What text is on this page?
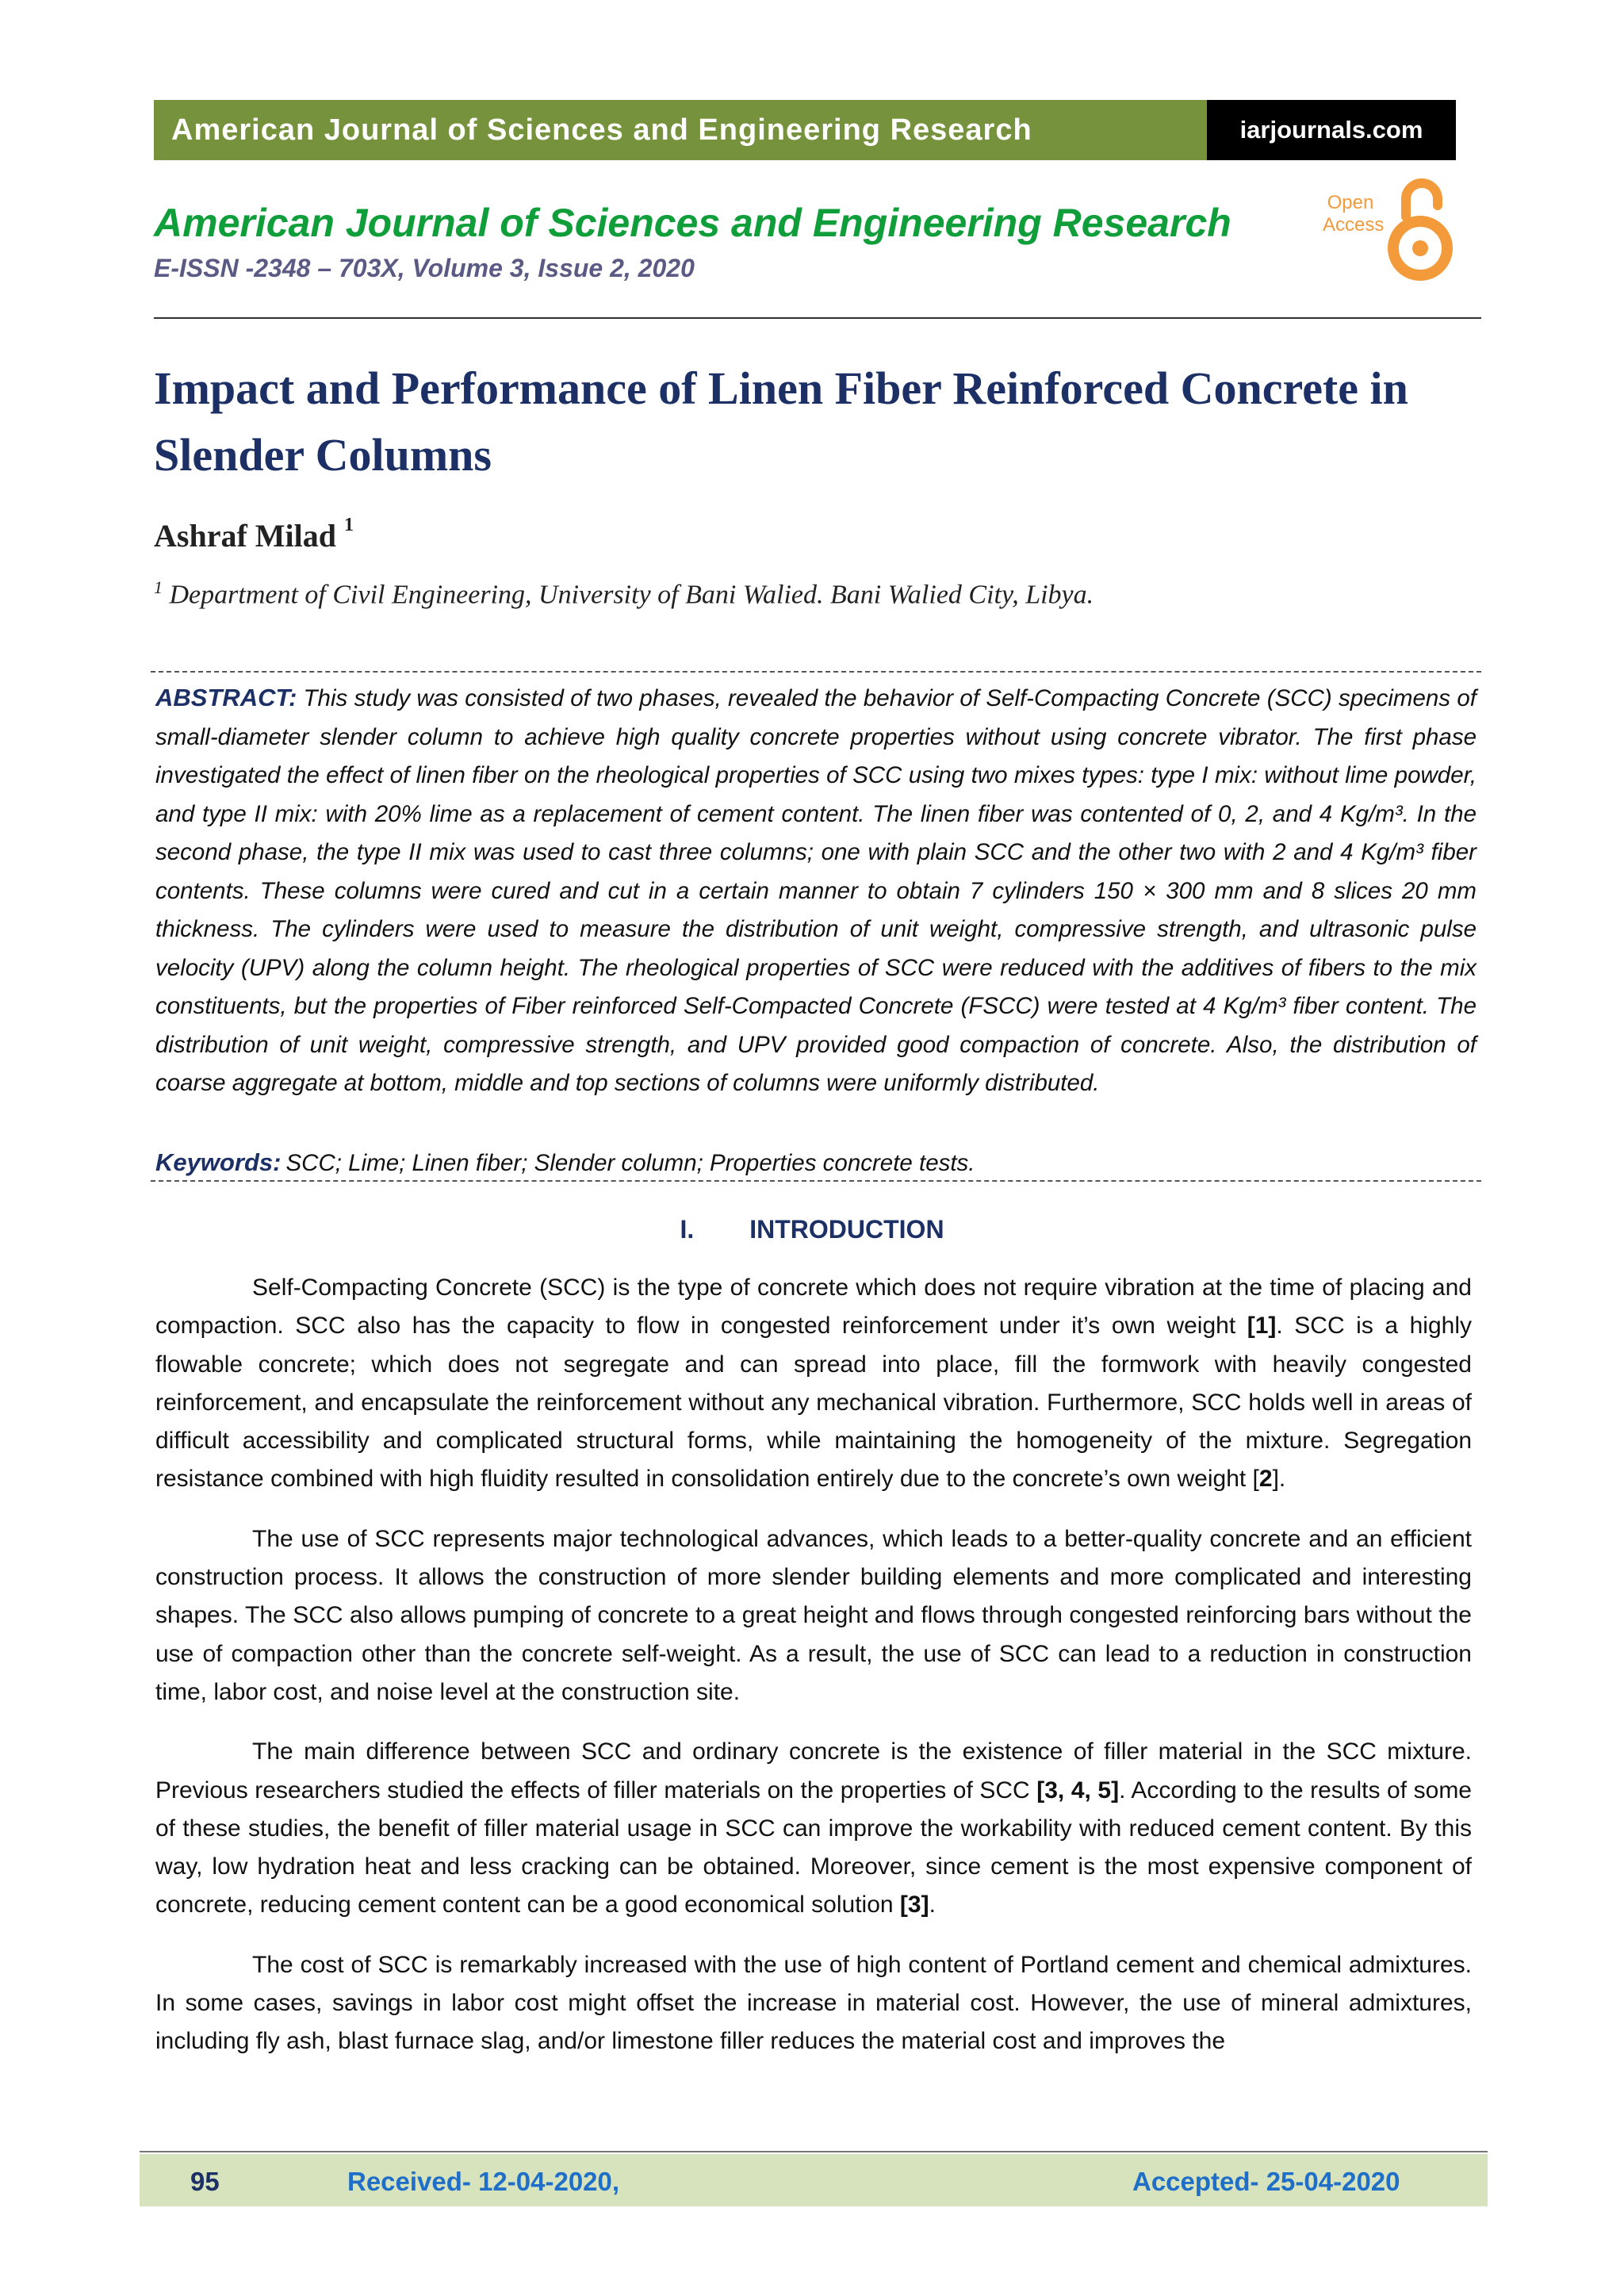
American Journal of Sciences and Engineering Research	iarjournals.com
American Journal of Sciences and Engineering Research
E-ISSN -2348 – 703X, Volume 3, Issue 2, 2020
Open
Access
Impact and Performance of Linen Fiber Reinforced Concrete in Slender Columns
Ashraf Milad $^1$
$^1$ Department of Civil Engineering, University of Bani Walied. Bani Walied City, Libya.
ABSTRACT: This study was consisted of two phases, revealed the behavior of Self-Compacting Concrete (SCC) specimens of small-diameter slender column to achieve high quality concrete properties without using concrete vibrator. The first phase investigated the effect of linen fiber on the rheological properties of SCC using two mixes types: type I mix: without lime powder, and type II mix: with 20% lime as a replacement of cement content. The linen fiber was contented of 0, 2, and 4 Kg/m³. In the second phase, the type II mix was used to cast three columns; one with plain SCC and the other two with 2 and 4 Kg/m³ fiber contents. These columns were cured and cut in a certain manner to obtain 7 cylinders 150 × 300 mm and 8 slices 20 mm thickness. The cylinders were used to measure the distribution of unit weight, compressive strength, and ultrasonic pulse velocity (UPV) along the column height. The rheological properties of SCC were reduced with the additives of fibers to the mix constituents, but the properties of Fiber reinforced Self-Compacted Concrete (FSCC) were tested at 4 Kg/m³ fiber content. The distribution of unit weight, compressive strength, and UPV provided good compaction of concrete. Also, the distribution of coarse aggregate at bottom, middle and top sections of columns were uniformly distributed.
Keywords: SCC; Lime; Linen fiber; Slender column; Properties concrete tests.
I. INTRODUCTION

Self-Compacting Concrete (SCC) is the type of concrete which does not require vibration at the time of placing and compaction. SCC also has the capacity to flow in congested reinforcement under it’s own weight [1]. SCC is a highly flowable concrete; which does not segregate and can spread into place, fill the formwork with heavily congested reinforcement, and encapsulate the reinforcement without any mechanical vibration. Furthermore, SCC holds well in areas of difficult accessibility and complicated structural forms, while maintaining the homogeneity of the mixture. Segregation resistance combined with high fluidity resulted in consolidation entirely due to the concrete’s own weight [2].

The use of SCC represents major technological advances, which leads to a better-quality concrete and an efficient construction process. It allows the construction of more slender building elements and more complicated and interesting shapes. The SCC also allows pumping of concrete to a great height and flows through congested reinforcing bars without the use of compaction other than the concrete self-weight. As a result, the use of SCC can lead to a reduction in construction time, labor cost, and noise level at the construction site.

The main difference between SCC and ordinary concrete is the existence of filler material in the SCC mixture. Previous researchers studied the effects of filler materials on the properties of SCC [3, 4, 5]. According to the results of some of these studies, the benefit of filler material usage in SCC can improve the workability with reduced cement content. By this way, low hydration heat and less cracking can be obtained. Moreover, since cement is the most expensive component of concrete, reducing cement content can be a good economical solution [3].

The cost of SCC is remarkably increased with the use of high content of Portland cement and chemical admixtures. In some cases, savings in labor cost might offset the increase in material cost. However, the use of mineral admixtures, including fly ash, blast furnace slag, and/or limestone filler reduces the material cost and improves the

95	Received- 12-04-2020,	Accepted- 25-04-2020
